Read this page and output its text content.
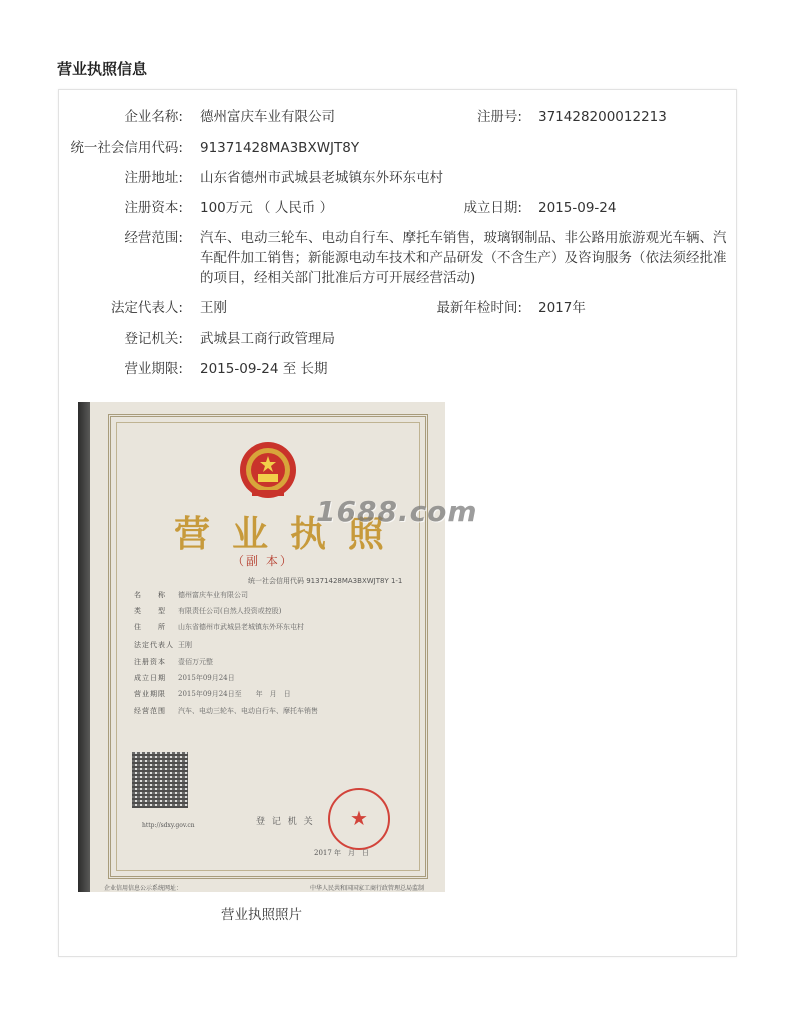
营业执照信息
企业名称: 德州富庆车业有限公司	注册号: 371428200012213
统一社会信用代码: 91371428MA3BXWJT8Y
注册地址: 山东省德州市武城县老城镇东外环东屯村
注册资本: 100万元 （ 人民币 ）	成立日期: 2015-09-24
经营范围: 汽车、电动三轮车、电动自行车、摩托车销售，玻璃钢制品、非公路用旅游观光车辆、汽车配件加工销售；新能源电动车技术和产品研发（不含生产）及咨询服务（依法须经批准的项目，经相关部门批准后方可开展经营活动)
法定代表人: 王刚	最新年检时间: 2017年
登记机关: 武城县工商行政管理局
营业期限: 2015-09-24 至 长期
营业执照
（副 本）
统一社会信用代码 91371428MA3BXWJT8Y 1-1
名　　称 德州富庆车业有限公司
类　　型 有限责任公司(自然人投资或控股)
住　　所 山东省德州市武城县老城镇东外环东屯村
法定代表人 王刚
注册资本 壹佰万元整
成立日期 2015年09月24日
营业期限 2015年09月24日至　　年　月　日
经营范围 汽车、电动三轮车、电动自行车、摩托车销售
http://sdxy.gov.cn	登 记 机 关 ★
2017 年　月　日
企业信用信息公示系统网址：	中华人民共和国国家工商行政管理总局监制
1688.com
营业执照照片
